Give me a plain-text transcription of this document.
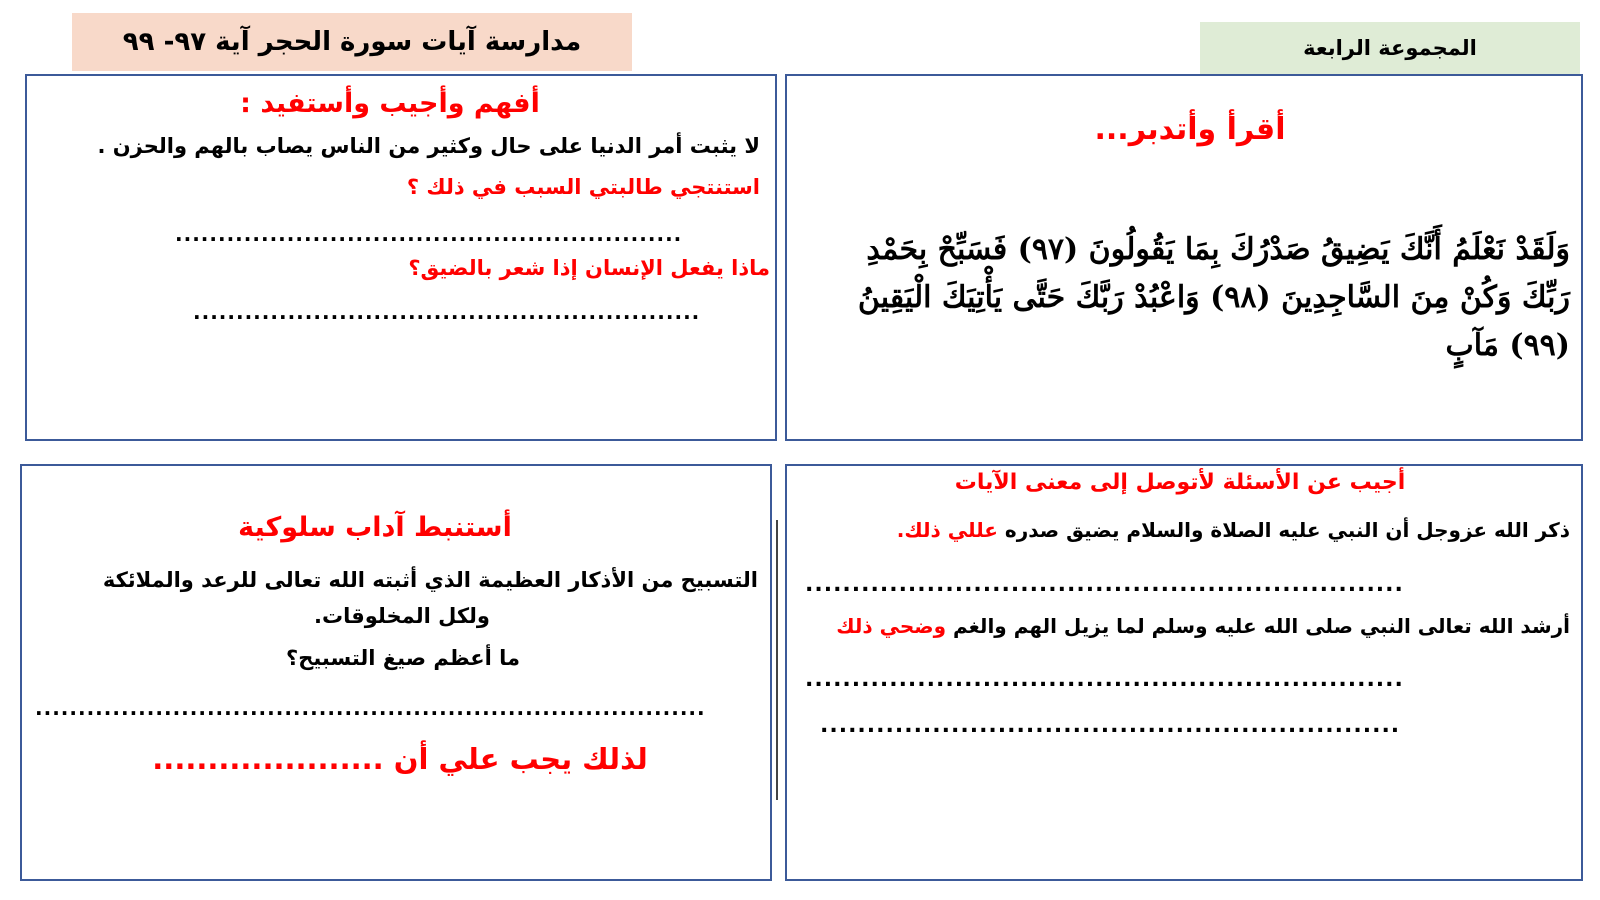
مدارسة آيات سورة الحجر آية ٩٧- ٩٩	المجموعة الرابعة
أقرأ وأتدبر...
وَلَقَدْ نَعْلَمُ أَنَّكَ يَضِيقُ صَدْرُكَ بِمَا يَقُولُونَ (٩٧) فَسَبِّحْ بِحَمْدِ
رَبِّكَ وَكُنْ مِنَ السَّاجِدِينَ (٩٨) وَاعْبُدْ رَبَّكَ حَتَّى يَأْتِيَكَ الْيَقِينُ
(٩٩) مَآبٍ
أفهم وأجيب وأستفيد :
لا يثبت أمر الدنيا على حال وكثير من الناس يصاب بالهم والحزن .
استنتجي طالبتي السبب في ذلك ؟
...........................................................
ماذا يفعل الإنسان إذا شعر بالضيق؟
...........................................................
أجيب عن الأسئلة لأتوصل إلى معنى الآيات
ذكر الله عزوجل أن النبي عليه الصلاة والسلام يضيق صدره عللي ذلك.
................................................................
أرشد الله تعالى النبي صلى الله عليه وسلم لما يزيل الهم والغم وضحي ذلك
................................................................
..............................................................
أستنبط آداب سلوكية
التسبيح من الأذكار العظيمة الذي أثبته الله تعالى للرعد والملائكة
ولكل المخلوقات.
ما أعظم صيغ التسبيح؟
..............................................................................
لذلك يجب علي أن .....................
